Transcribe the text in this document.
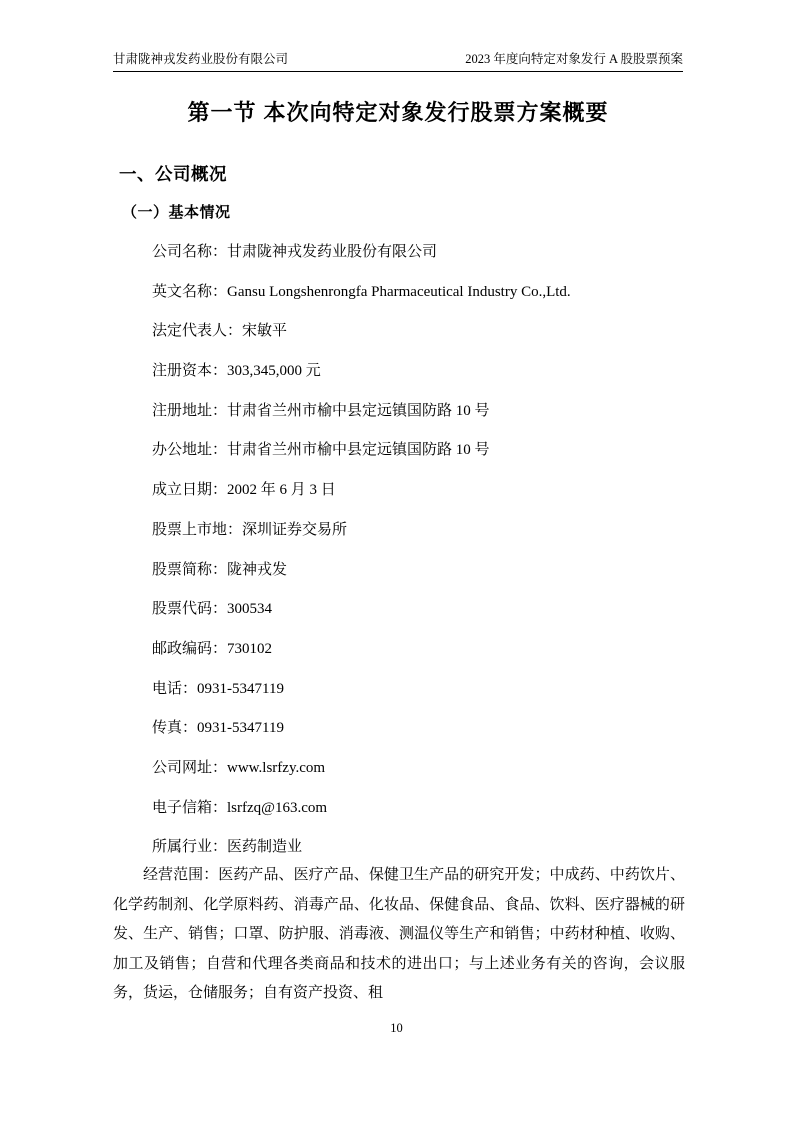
甘肃陇神戎发药业股份有限公司	2023 年度向特定对象发行 A 股股票预案
第一节 本次向特定对象发行股票方案概要
一、公司概况
（一）基本情况
公司名称：甘肃陇神戎发药业股份有限公司
英文名称：Gansu Longshenrongfa Pharmaceutical Industry Co.,Ltd.
法定代表人：宋敏平
注册资本：303,345,000 元
注册地址：甘肃省兰州市榆中县定远镇国防路 10 号
办公地址：甘肃省兰州市榆中县定远镇国防路 10 号
成立日期：2002 年 6 月 3 日
股票上市地：深圳证券交易所
股票简称：陇神戎发
股票代码：300534
邮政编码：730102
电话：0931-5347119
传真：0931-5347119
公司网址：www.lsrfzy.com
电子信箱：lsrfzq@163.com
所属行业：医药制造业
经营范围：医药产品、医疗产品、保健卫生产品的研究开发；中成药、中药饮片、化学药制剂、化学原料药、消毒产品、化妆品、保健食品、食品、饮料、医疗器械的研发、生产、销售；口罩、防护服、消毒液、测温仪等生产和销售；中药材种植、收购、加工及销售；自营和代理各类商品和技术的进出口；与上述业务有关的咨询，会议服务，货运，仓储服务；自有资产投资、租
10
